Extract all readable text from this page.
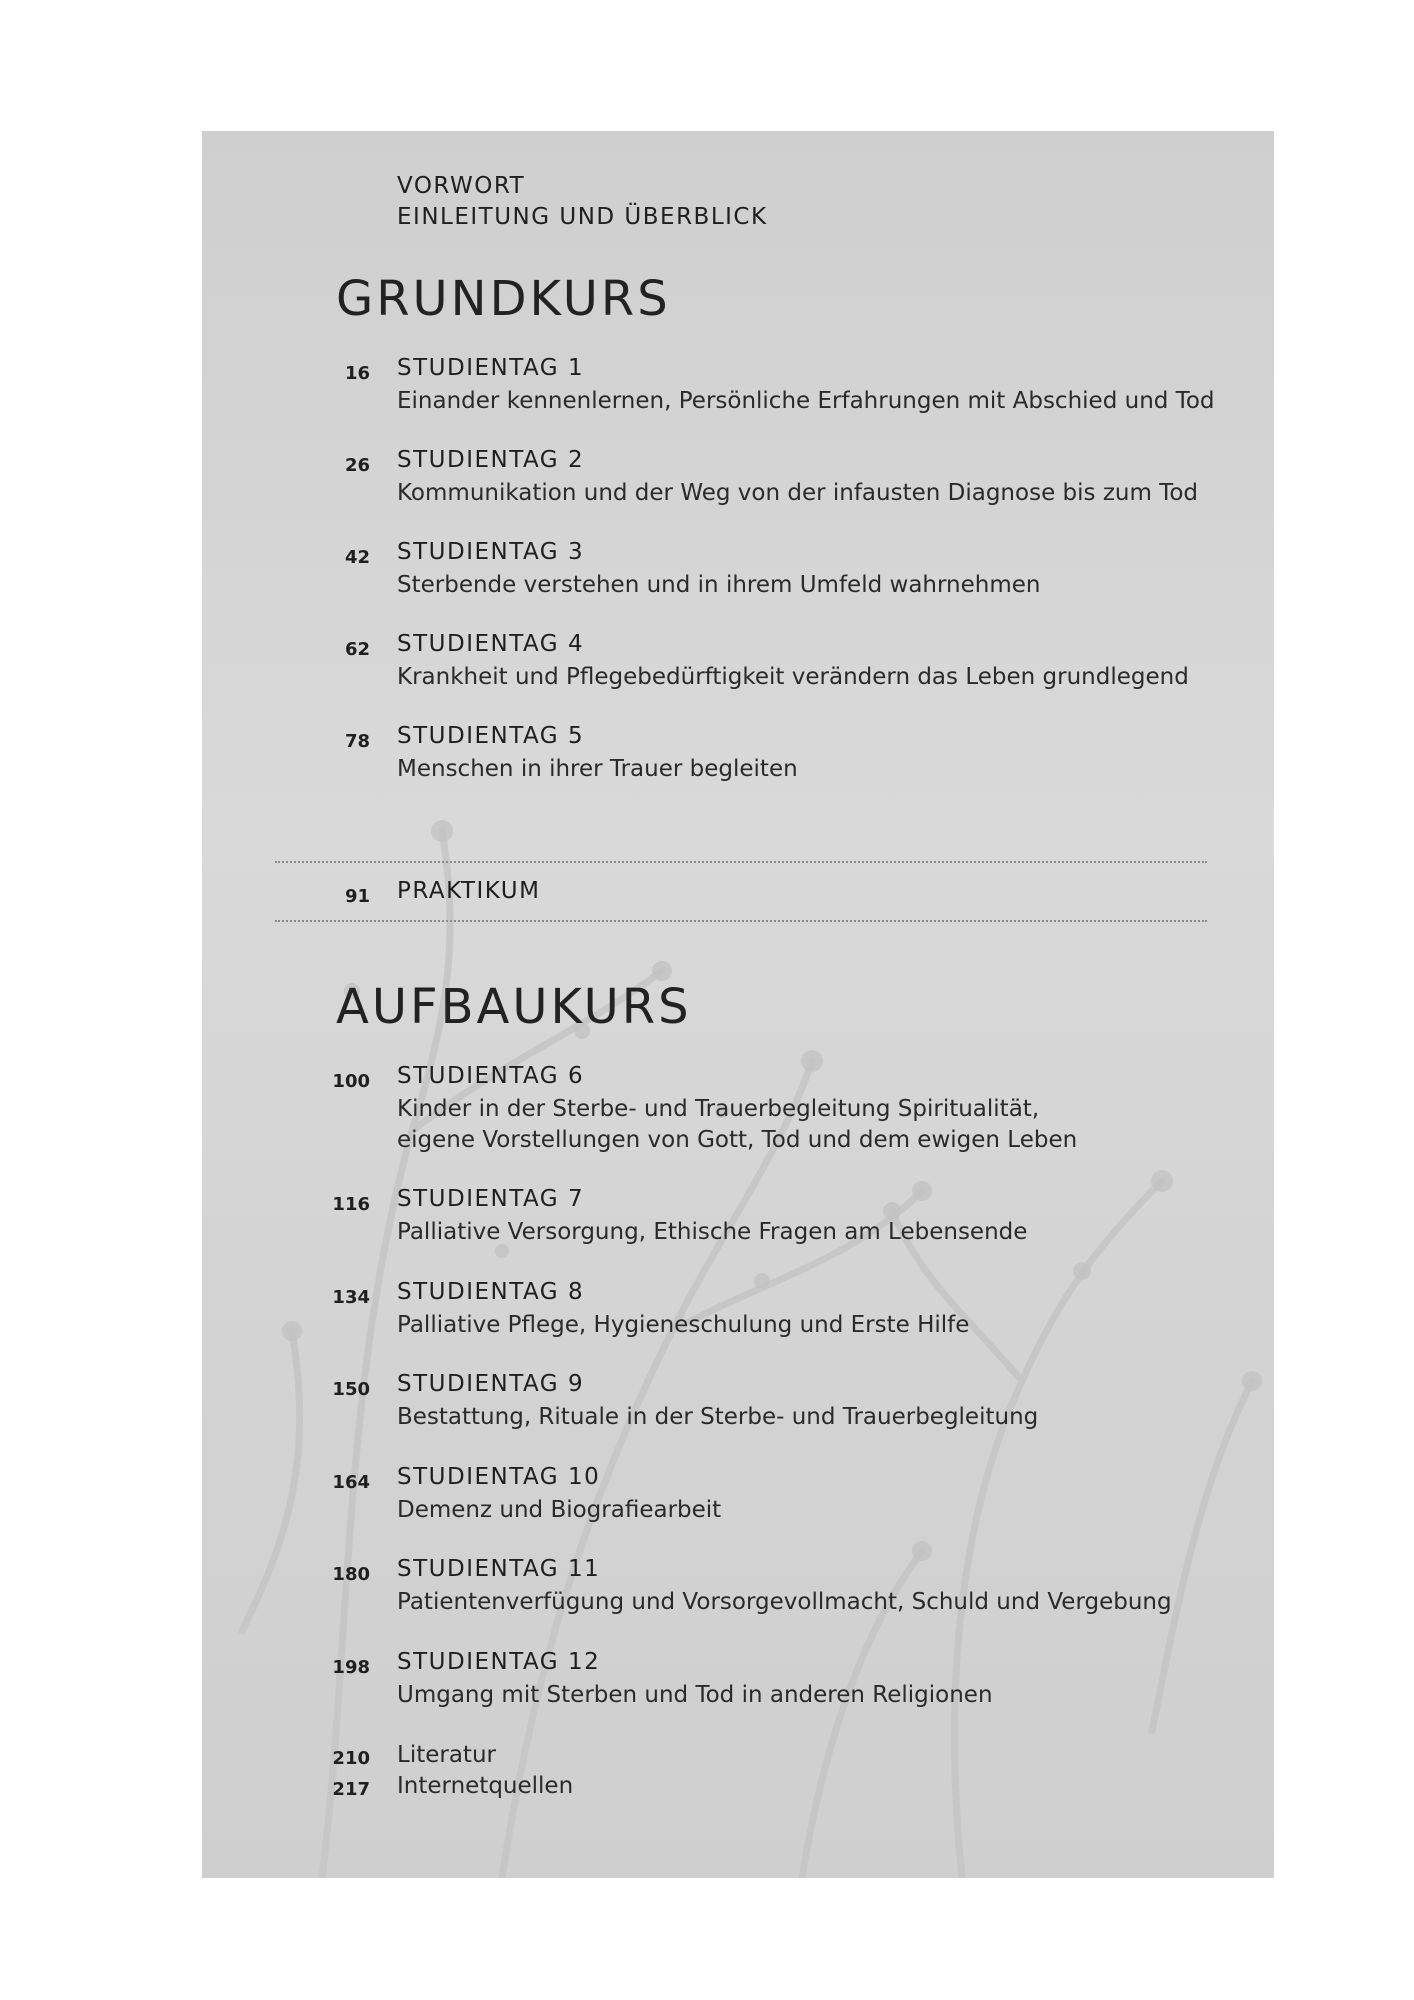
VORWORT
EINLEITUNG UND ÜBERBLICK
GRUNDKURS
16 STUDIENTAG 1
Einander kennenlernen, Persönliche Erfahrungen mit Abschied und Tod
26 STUDIENTAG 2
Kommunikation und der Weg von der infausten Diagnose bis zum Tod
42 STUDIENTAG 3
Sterbende verstehen und in ihrem Umfeld wahrnehmen
62 STUDIENTAG 4
Krankheit und Pflegebedürftigkeit verändern das Leben grundlegend
78 STUDIENTAG 5
Menschen in ihrer Trauer begleiten
91 PRAKTIKUM
AUFBAUKURS
100 STUDIENTAG 6
Kinder in der Sterbe- und Trauerbegleitung Spiritualität,
eigene Vorstellungen von Gott, Tod und dem ewigen Leben
116 STUDIENTAG 7
Palliative Versorgung, Ethische Fragen am Lebensende
134 STUDIENTAG 8
Palliative Pflege, Hygieneschulung und Erste Hilfe
150 STUDIENTAG 9
Bestattung, Rituale in der Sterbe- und Trauerbegleitung
164 STUDIENTAG 10
Demenz und Biografiearbeit
180 STUDIENTAG 11
Patientenverfügung und Vorsorgevollmacht, Schuld und Vergebung
198 STUDIENTAG 12
Umgang mit Sterben und Tod in anderen Religionen
210 Literatur
217 Internetquellen
